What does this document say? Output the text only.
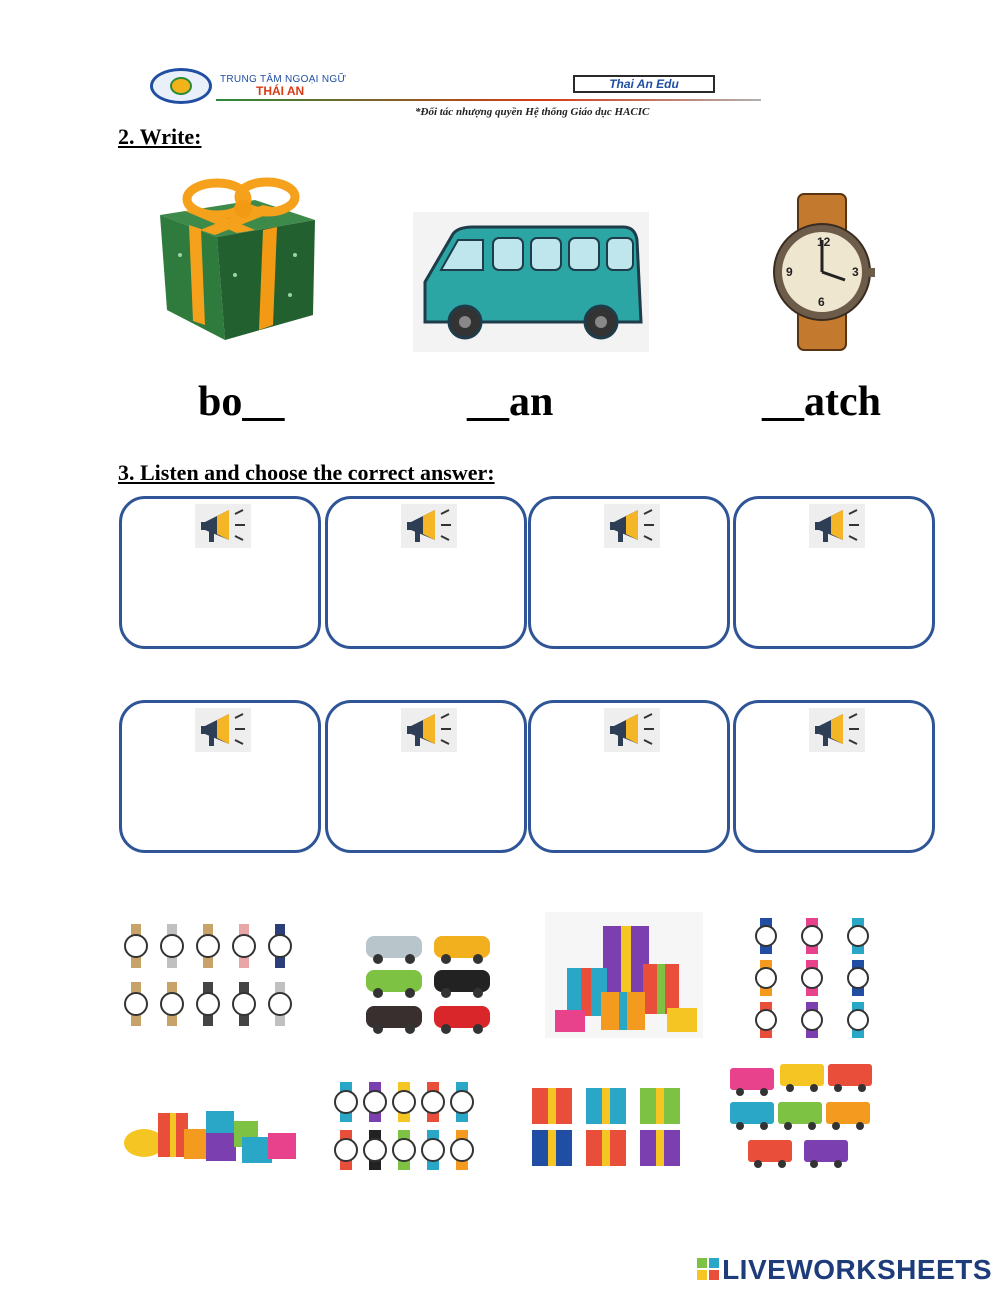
TRUNG TÂM NGOẠI NGỮ
THÁI AN	Thai An Edu
*Đối tác nhượng quyền Hệ thống Giáo dục HACIC
2. Write:
12
3
6
9
bo__	__an	__atch
3. Listen and choose the correct answer:
LIVEWORKSHEETS
